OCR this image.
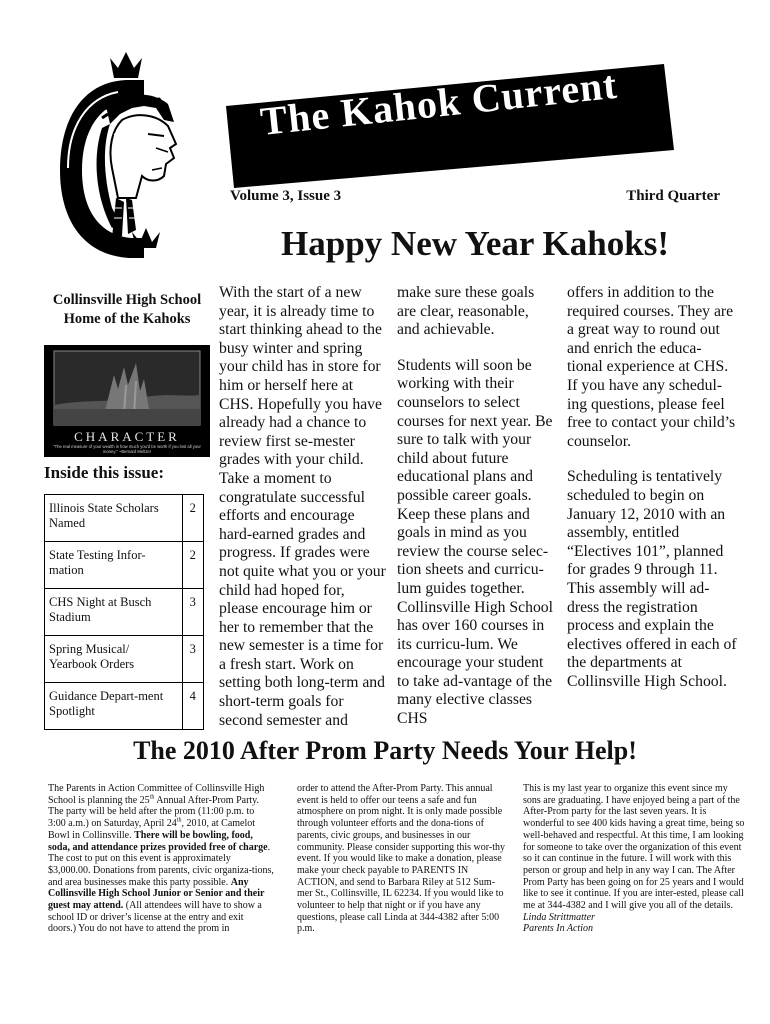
The Kahok Current
Volume 3, Issue 3	Third Quarter
Happy New Year Kahoks!
Collinsville High School
Home of the Kahoks
CHARACTER
"The real measure of your wealth is how much you'd be worth if you lost all your money." ~Bernard Meltzer
Inside this issue:
Illinois State Scholars Named	2
State Testing Infor-mation	2
CHS Night at Busch Stadium	3
Spring Musical/ Yearbook Orders	3
Guidance Depart-ment Spotlight	4

With the start of a new year, it is already time to start thinking ahead to the busy winter and spring your child has in store for him or herself here at CHS. Hopefully you have already had a chance to review first se-mester grades with your child. Take a moment to congratulate successful efforts and encourage hard-earned grades and progress. If grades were not quite what you or your child had hoped for, please encourage him or her to remember that the new semester is a time for a fresh start. Work on setting both long-term and short-term goals for second semester and

make sure these goals are clear, reasonable, and achievable.

Students will soon be working with their counselors to select courses for next year. Be sure to talk with your child about future educational plans and possible career goals. Keep these plans and goals in mind as you review the course selec-tion sheets and curricu-lum guides together. Collinsville High School has over 160 courses in its curricu-lum. We encourage your student to take ad-vantage of the many elective classes CHS

offers in addition to the required courses. They are a great way to round out and enrich the educa-tional experience at CHS. If you have any schedul-ing questions, please feel free to contact your child’s counselor.

Scheduling is tentatively scheduled to begin on January 12, 2010 with an assembly, entitled “Electives 101”, planned for grades 9 through 11. This assembly will ad-dress the registration process and explain the electives offered in each of the departments at Collinsville High School.

The 2010 After Prom Party Needs Your Help!

The Parents in Action Committee of Collinsville High School is planning the 25th Annual After-Prom Party. The party will be held after the prom (11:00 p.m. to 3:00 a.m.) on Saturday, April 24th, 2010, at Camelot Bowl in Collinsville. There will be bowling, food, soda, and attendance prizes provided free of charge. The cost to put on this event is approximately $3,000.00. Donations from parents, civic organiza-tions, and area businesses make this party possible. Any Collinsville High School Junior or Senior and their guest may attend. (All attendees will have to show a school ID or driver’s license at the entry and exit doors.) You do not have to attend the prom in

order to attend the After-Prom Party. This annual event is held to offer our teens a safe and fun atmosphere on prom night. It is only made possible through volunteer efforts and the dona-tions of parents, civic groups, and businesses in our community. Please consider supporting this wor-thy event. If you would like to make a donation, please make your check payable to PARENTS IN ACTION, and send to Barbara Riley at 512 Sum-mer St., Collinsville, IL 62234. If you would like to volunteer to help that night or if you have any questions, please call Linda at 344-4382 after 5:00 p.m.

This is my last year to organize this event since my sons are graduating. I have enjoyed being a part of the After-Prom party for the last seven years. It is wonderful to see 400 kids having a great time, being so well-behaved and respectful. At this time, I am looking for someone to take over the organization of this event so it can continue in the future. I will work with this person or group and help in any way I can. The After Prom Party has been going on for 25 years and I would like to see it continue. If you are inter-ested, please call me at 344-4382 and I will give you all of the details.

Linda Strittmatter

Parents In Action
